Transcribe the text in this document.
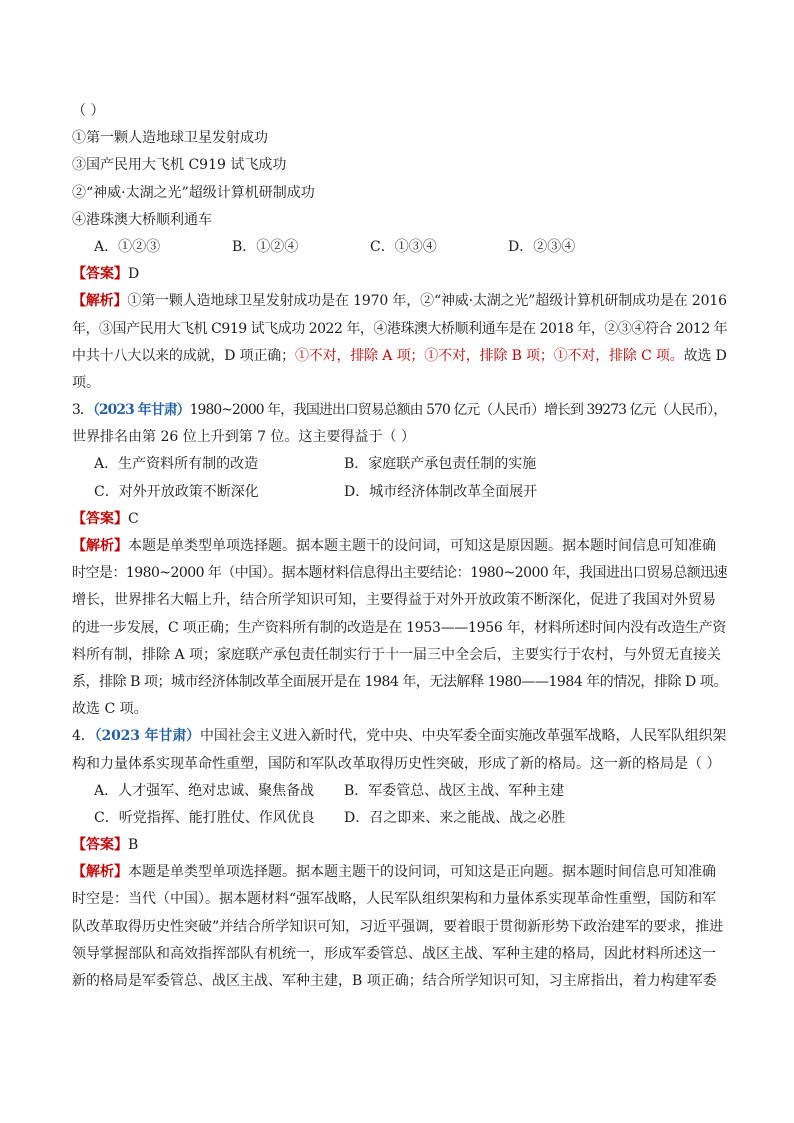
（ ）
①第一颗人造地球卫星发射成功
③国产民用大飞机 C919 试飞成功
②“神威·太湖之光”超级计算机研制成功
④港珠澳大桥顺利通车
A．①②③	B．①②④	C．①③④	D．②③④
【答案】D
【解析】①第一颗人造地球卫星发射成功是在 1970 年，②“神威·太湖之光”超级计算机研制成功是在 2016
年，③国产民用大飞机 C919 试飞成功 2022 年，④港珠澳大桥顺利通车是在 2018 年，②③④符合 2012 年
中共十八大以来的成就，D 项正确；①不对，排除 A 项；①不对，排除 B 项；①不对，排除 C 项。故选 D
项。
3．（2023 年甘肃）1980~2000 年，我国进出口贸易总额由 570 亿元（人民币）增长到 39273 亿元（人民币），
世界排名由第 26 位上升到第 7 位。这主要得益于（ ）
A．生产资料所有制的改造	B．家庭联产承包责任制的实施
C．对外开放政策不断深化	D．城市经济体制改革全面展开
【答案】C
【解析】本题是单类型单项选择题。据本题主题干的设问词，可知这是原因题。据本题时间信息可知准确
时空是：1980~2000 年（中国）。据本题材料信息得出主要结论：1980~2000 年，我国进出口贸易总额迅速
增长，世界排名大幅上升，结合所学知识可知，主要得益于对外开放政策不断深化，促进了我国对外贸易
的进一步发展，C 项正确；生产资料所有制的改造是在 1953——1956 年，材料所述时间内没有改造生产资
料所有制，排除 A 项；家庭联产承包责任制实行于十一届三中全会后，主要实行于农村，与外贸无直接关
系，排除 B 项；城市经济体制改革全面展开是在 1984 年，无法解释 1980——1984 年的情况，排除 D 项。
故选 C 项。
4．（2023 年甘肃）中国社会主义进入新时代，党中央、中央军委全面实施改革强军战略，人民军队组织架
构和力量体系实现革命性重塑，国防和军队改革取得历史性突破，形成了新的格局。这一新的格局是（ ）
A．人才强军、绝对忠诚、聚焦备战	B．军委管总、战区主战、军种主建
C．听党指挥、能打胜仗、作风优良	D．召之即来、来之能战、战之必胜
【答案】B
【解析】本题是单类型单项选择题。据本题主题干的设问词，可知这是正向题。据本题时间信息可知准确
时空是：当代（中国）。据本题材料“强军战略，人民军队组织架构和力量体系实现革命性重塑，国防和军
队改革取得历史性突破”并结合所学知识可知，习近平强调，要着眼于贯彻新形势下政治建军的要求，推进
领导掌握部队和高效指挥部队有机统一，形成军委管总、战区主战、军种主建的格局，因此材料所述这一
新的格局是军委管总、战区主战、军种主建，B 项正确；结合所学知识可知，习主席指出，着力构建军委
